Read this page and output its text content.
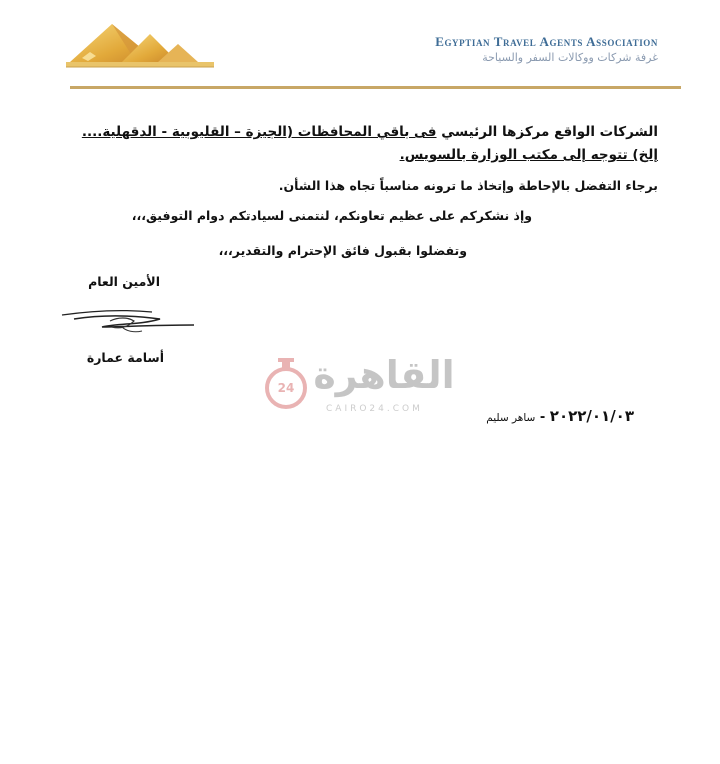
Egyptian Travel Agents Association
غرفة شركات ووكالات السفر والسياحة
الشركات الواقع مركزها الرئيسي فى باقي المحافظات (الجيزة – القليوبية - الدقهلية.... إلخ) تتوجه إلى مكتب الوزارة بالسويس.
برجاء التفضل بالإحاطة وإتخاذ ما ترونه مناسباً تجاه هذا الشأن.
وإذ نشكركم على عظيم تعاونكم، لنتمنى لسيادتكم دوام التوفيق،،،
وتفضلوا بقبول فائق الإحترام والتقدير،،،
الأمين العام
أسامة عمارة
24 القاهرة
CAIRO24.COM	٢٠٢٢/٠١/٠٣ - ساهر سليم
